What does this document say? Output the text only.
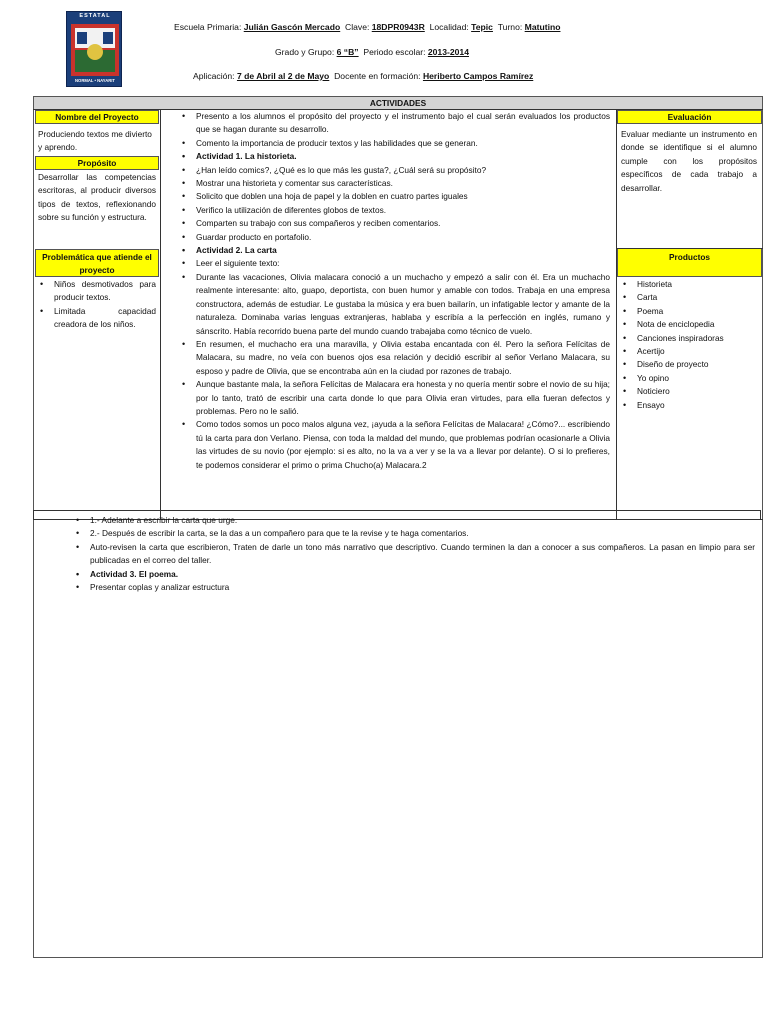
ESTATAL
NORMAL • NAYARIT
Escuela Primaria: Julián Gascón Mercado Clave: 18DPR0943R Localidad: Tepic Turno: Matutino
Grado y Grupo: 6 “B” Periodo escolar: 2013-2014
Aplicación: 7 de Abril al 2 de Mayo Docente en formación: Heriberto Campos Ramírez
ACTIVIDADES
Nombre del Proyecto
Produciendo textos me divierto y aprendo.
Propósito
Desarrollar las competencias escritoras, al producir diversos tipos de textos, reflexionando sobre su función y estructura.
Problemática que atiende el proyecto
• Niños desmotivados para producir textos.
• Limitada capacidad creadora de los niños.
• Presento a los alumnos el propósito del proyecto y el instrumento bajo el cual serán evaluados los productos que se hagan durante su desarrollo.
• Comento la importancia de producir textos y las habilidades que se generan.
• Actividad 1. La historieta.
• ¿Han leído comics?, ¿Qué es lo que más les gusta?, ¿Cuál será su propósito?
• Mostrar una historieta y comentar sus características.
• Solicito que doblen una hoja de papel y la doblen en cuatro partes iguales
• Verifico la utilización de diferentes globos de textos.
• Comparten su trabajo con sus compañeros y reciben comentarios.
• Guardar producto en portafolio.
• Actividad 2. La carta
• Leer el siguiente texto:
• Durante las vacaciones, Olivia malacara conoció a un muchacho y empezó a salir con él. Era un muchacho realmente interesante: alto, guapo, deportista, con buen humor y amable con todos. Trabaja en una empresa constructora, además de estudiar. Le gustaba la música y era buen bailarín, un infatigable lector y amante de la naturaleza. Dominaba varias lenguas extranjeras, hablaba y escribía a la perfección en inglés, rumano y sánscrito. Había recorrido buena parte del mundo cuando trabajaba como técnico de vuelo.
• En resumen, el muchacho era una maravilla, y Olivia estaba encantada con él. Pero la señora Felícitas de Malacara, su madre, no veía con buenos ojos esa relación y decidió escribir al señor Verlano Malacara, su esposo y padre de Olivia, que se encontraba aún en la ciudad por razones de trabajo.
• Aunque bastante mala, la señora Felícitas de Malacara era honesta y no quería mentir sobre el novio de su hija; por lo tanto, trató de escribir una carta donde lo que para Olivia eran virtudes, para ella fueran defectos y problemas. Pero no le salió.
• Como todos somos un poco malos alguna vez, ¡ayuda a la señora Felícitas de Malacara! ¿Cómo?... escribiendo tú la carta para don Verlano. Piensa, con toda la maldad del mundo, que problemas podrían ocasionarle a Olivia las virtudes de su novio (por ejemplo: si es alto, no la va a ver y se la va a llevar por delante). O si lo prefieres, te podemos considerar el primo o prima Chucho(a) Malacara.2
Evaluación
Evaluar mediante un instrumento en donde se identifique si el alumno cumple con los propósitos específicos de cada trabajo a desarrollar.
Productos
• Historieta
• Carta
• Poema
• Nota de enciclopedia
• Canciones inspiradoras
• Acertijo
• Diseño de proyecto
• Yo opino
• Noticiero
• Ensayo
• 1.- Adelante a escribir la carta que urge.
• 2.- Después de escribir la carta, se la das a un compañero para que te la revise y te haga comentarios.
• Auto-revisen la carta que escribieron, Traten de darle un tono más narrativo que descriptivo. Cuando terminen la dan a conocer a sus compañeros. La pasan en limpio para ser publicadas en el correo del taller.
• Actividad 3. El poema.
• Presentar coplas y analizar estructura
